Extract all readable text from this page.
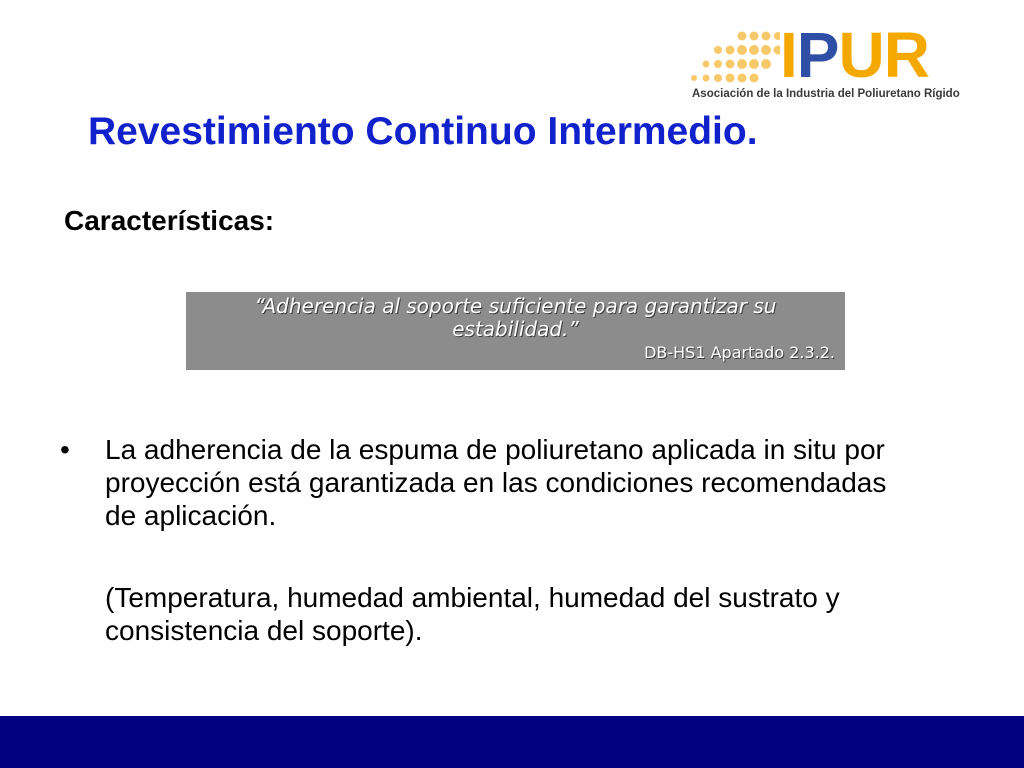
IPUR
Asociación de la Industria del Poliuretano Rígido
Revestimiento Continuo Intermedio.
Características:
“Adherencia al soporte suficiente para garantizar su estabilidad.”
DB-HS1 Apartado 2.3.2.
• La adherencia de la espuma de poliuretano aplicada in situ por proyección está garantizada en las condiciones recomendadas de aplicación.
(Temperatura, humedad ambiental, humedad del sustrato y consistencia del soporte).
